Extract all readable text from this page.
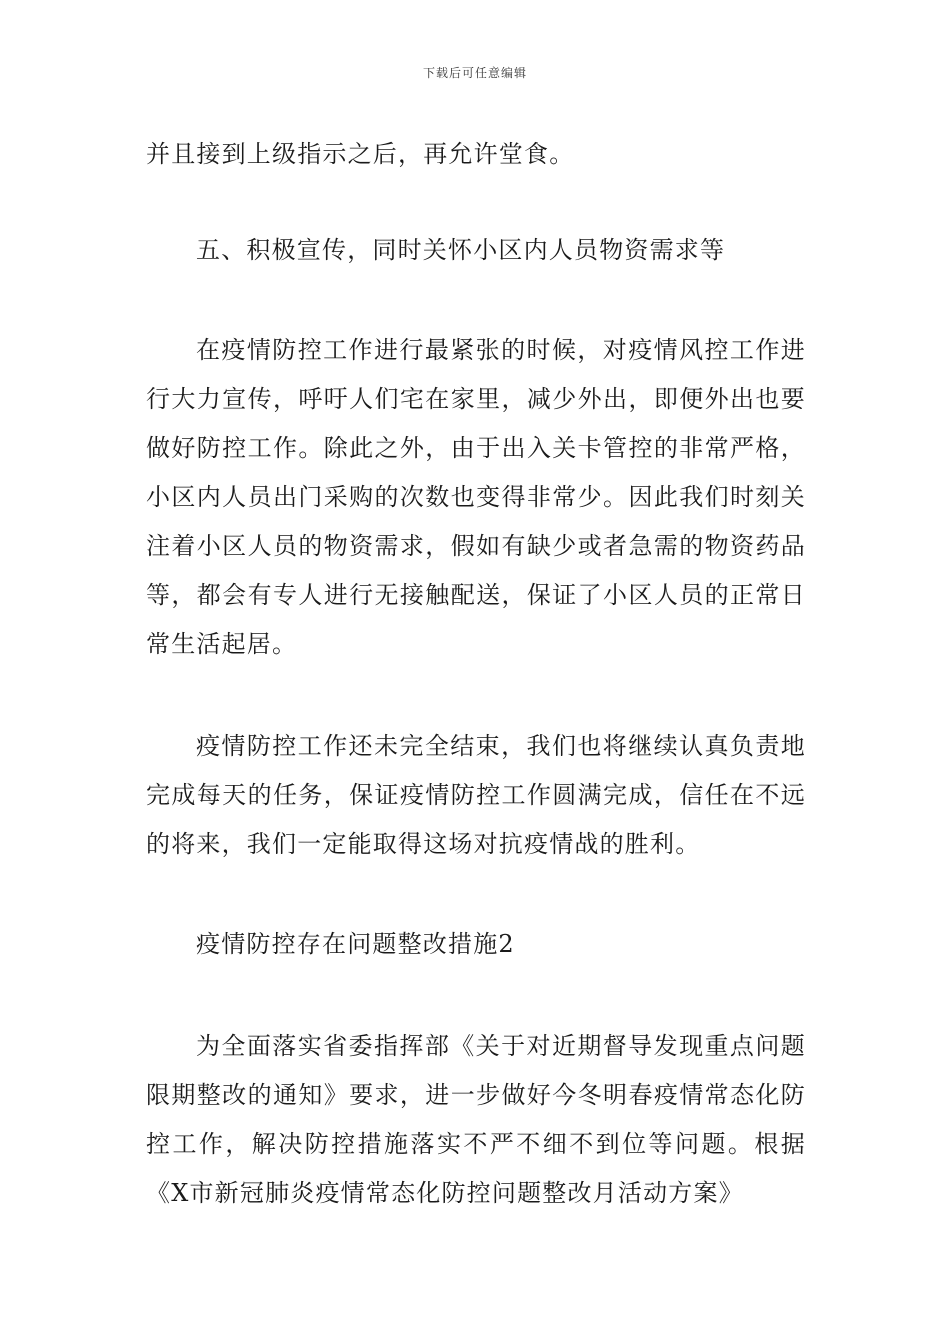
下载后可任意编辑

并且接到上级指示之后，再允许堂食。

五、积极宣传，同时关怀小区内人员物资需求等

在疫情防控工作进行最紧张的时候，对疫情风控工作进行大力宣传，呼吁人们宅在家里，减少外出，即便外出也要做好防控工作。除此之外，由于出入关卡管控的非常严格，小区内人员出门采购的次数也变得非常少。因此我们时刻关注着小区人员的物资需求，假如有缺少或者急需的物资药品等，都会有专人进行无接触配送，保证了小区人员的正常日常生活起居。

疫情防控工作还未完全结束，我们也将继续认真负责地完成每天的任务，保证疫情防控工作圆满完成，信任在不远的将来，我们一定能取得这场对抗疫情战的胜利。

疫情防控存在问题整改措施2

为全面落实省委指挥部《关于对近期督导发现重点问题限期整改的通知》要求，进一步做好今冬明春疫情常态化防控工作，解决防控措施落实不严不细不到位等问题。根据《X市新冠肺炎疫情常态化防控问题整改月活动方案》
